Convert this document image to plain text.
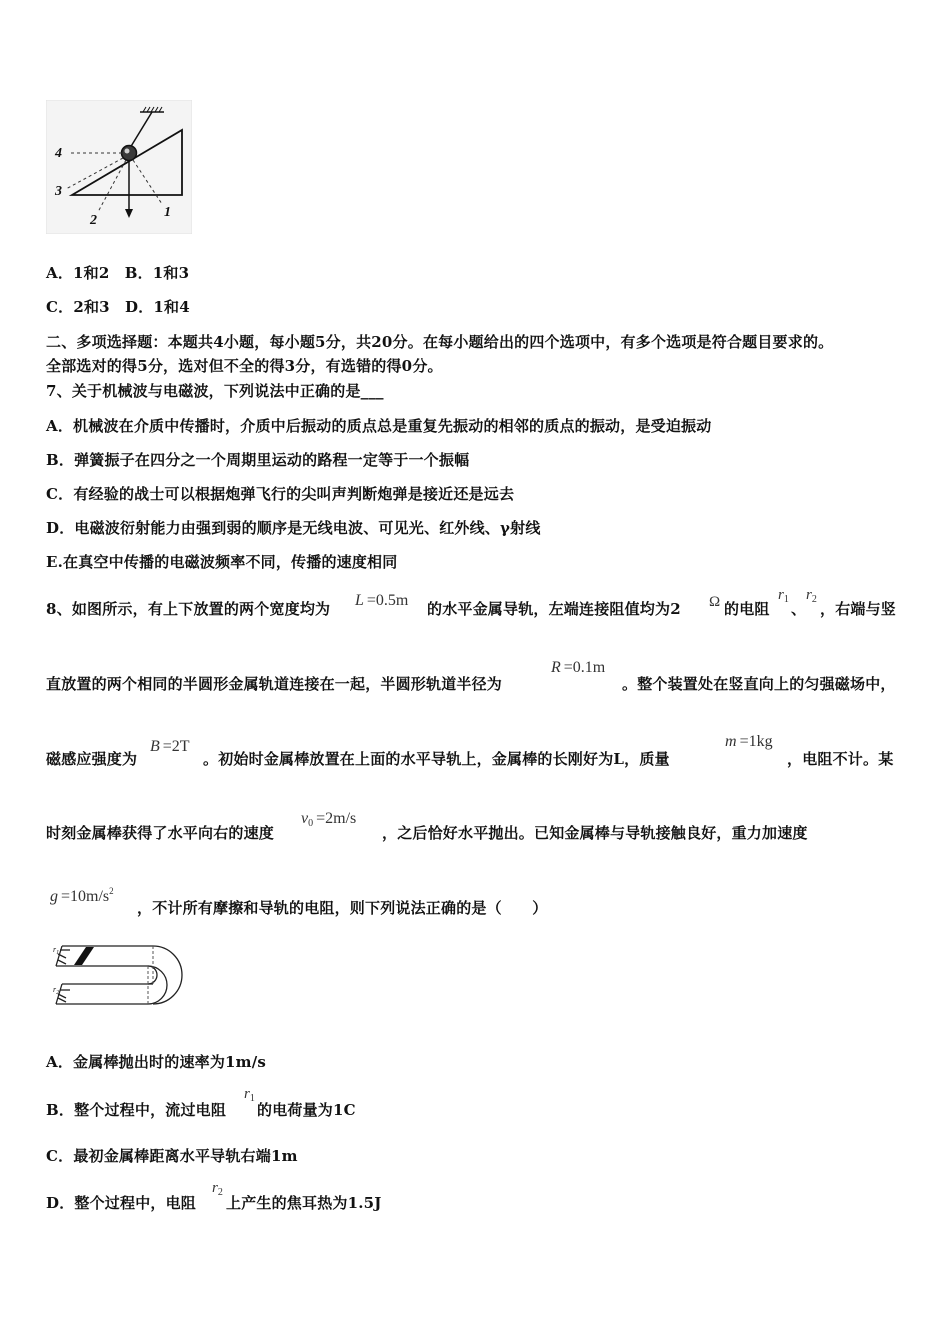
4
3
2
1
A．1和2　B．1和3
C．2和3　D．1和4
二、多项选择题：本题共4小题，每小题5分，共20分。在每小题给出的四个选项中，有多个选项是符合题目要求的。
全部选对的得5分，选对但不全的得3分，有选错的得0分。
7、关于机械波与电磁波，下列说法中正确的是___
A．机械波在介质中传播时，介质中后振动的质点总是重复先振动的相邻的质点的振动，是受迫振动
B．弹簧振子在四分之一个周期里运动的路程一定等于一个振幅
C．有经验的战士可以根据炮弹飞行的尖叫声判断炮弹是接近还是远去
D．电磁波衍射能力由强到弱的顺序是无线电波、可见光、红外线、γ射线
E.在真空中传播的电磁波频率不同，传播的速度相同
8、如图所示，有上下放置的两个宽度均为 L =0.5m 的水平金属导轨，左端连接阻值均为2 Ω 的电阻
$r_1$
、
$r_2$
，右端与竖
直放置的两个相同的半圆形金属轨道连接在一起，半圆形轨道半径为
R =0.1m
。整个装置处在竖直向上的匀强磁场中，
磁感应强度为
B =2T
。初始时金属棒放置在上面的水平导轨上，金属棒的长刚好为L，质量
m =1kg
，电阻不计。某
时刻金属棒获得了水平向右的速度
$v_0 =2m/s$
，之后恰好水平抛出。已知金属棒与导轨接触良好，重力加速度
$g =10m/s^2$
，不计所有摩擦和导轨的电阻，则下列说法正确的是（　　）
$r_1$
$r_2$
A．金属棒抛出时的速率为1m/s
B．整个过程中，流过电阻
$r_1$
的电荷量为1C
C．最初金属棒距离水平导轨右端1m
D．整个过程中，电阻
$r_2$
上产生的焦耳热为1.5J
